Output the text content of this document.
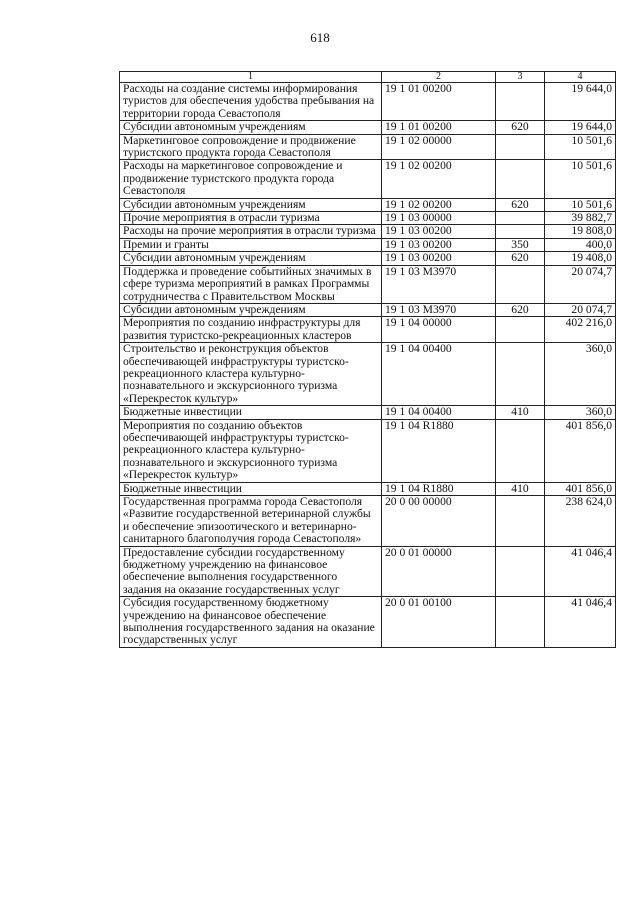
618
1	2	3	4
Расходы на создание системы информирования туристов для обеспечения удобства пребывания на территории города Севастополя	19 1 01 00200		19 644,0
Субсидии автономным учреждениям	19 1 01 00200	620	19 644,0
Маркетинговое сопровождение и продвижение туристского продукта города Севастополя	19 1 02 00000		10 501,6
Расходы на маркетинговое сопровождение и продвижение туристского продукта города Севастополя	19 1 02 00200		10 501,6
Субсидии автономным учреждениям	19 1 02 00200	620	10 501,6
Прочие мероприятия в отрасли туризма	19 1 03 00000		39 882,7
Расходы на прочие мероприятия в отрасли туризма	19 1 03 00200		19 808,0
Премии и гранты	19 1 03 00200	350	400,0
Субсидии автономным учреждениям	19 1 03 00200	620	19 408,0
Поддержка и проведение событийных значимых в сфере туризма мероприятий в рамках Программы сотрудничества с Правительством Москвы	19 1 03 M3970		20 074,7
Субсидии автономным учреждениям	19 1 03 M3970	620	20 074,7
Мероприятия по созданию инфраструктуры для развития туристско-рекреационных кластеров	19 1 04 00000		402 216,0
Строительство и реконструкция объектов обеспечивающей инфраструктуры туристско-рекреационного кластера культурно-познавательного и экскурсионного туризма «Перекресток культур»	19 1 04 00400		360,0
Бюджетные инвестиции	19 1 04 00400	410	360,0
Мероприятия по созданию объектов обеспечивающей инфраструктуры туристско-рекреационного кластера культурно-познавательного и экскурсионного туризма «Перекресток культур»	19 1 04 R1880		401 856,0
Бюджетные инвестиции	19 1 04 R1880	410	401 856,0
Государственная программа города Севастополя «Развитие государственной ветеринарной службы и обеспечение эпизоотического и ветеринарно-санитарного благополучия города Севастополя»	20 0 00 00000		238 624,0
Предоставление субсидии государственному бюджетному учреждению на финансовое обеспечение выполнения государственного задания на оказание государственных услуг	20 0 01 00000		41 046,4
Субсидия государственному бюджетному учреждению на финансовое обеспечение выполнения государственного задания на оказание государственных услуг	20 0 01 00100		41 046,4
